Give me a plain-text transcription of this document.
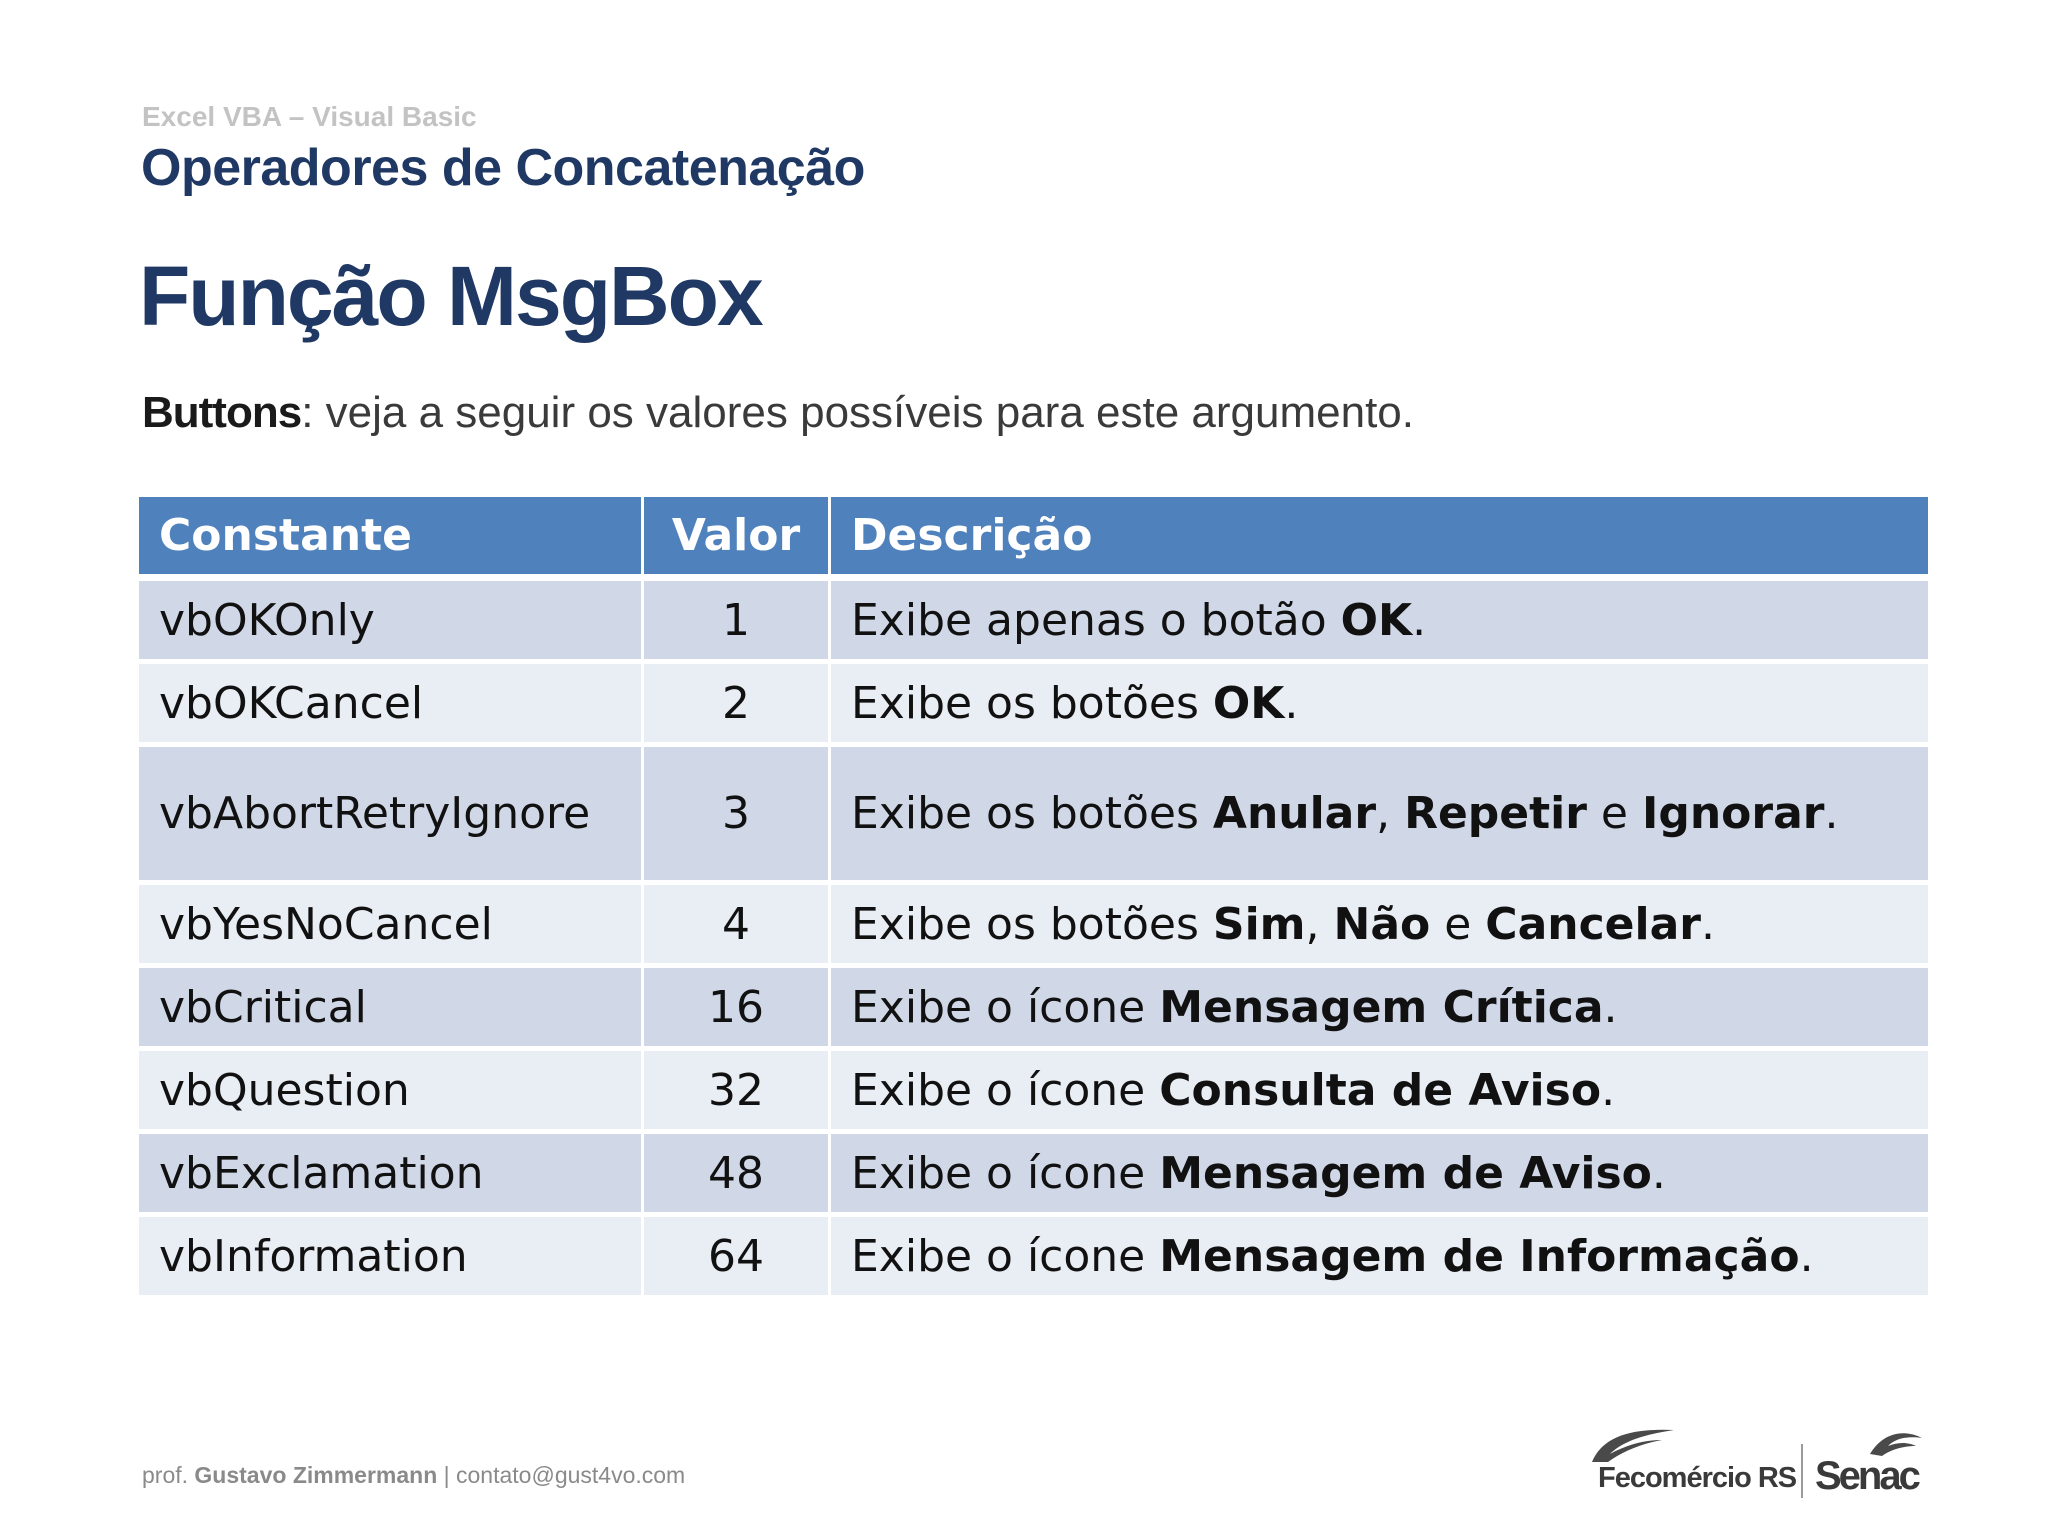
Excel VBA – Visual Basic
Operadores de Concatenação
Função MsgBox
Buttons: veja a seguir os valores possíveis para este argumento.
Constante	Valor	Descrição
vbOKOnly	1	Exibe apenas o botão OK.
vbOKCancel	2	Exibe os botões OK.
vbAbortRetryIgnore	3	Exibe os botões Anular, Repetir e Ignorar.
vbYesNoCancel	4	Exibe os botões Sim, Não e Cancelar.
vbCritical	16	Exibe o ícone Mensagem Crítica.
vbQuestion	32	Exibe o ícone Consulta de Aviso.
vbExclamation	48	Exibe o ícone Mensagem de Aviso.
vbInformation	64	Exibe o ícone Mensagem de Informação.
prof. Gustavo Zimmermann | contato@gust4vo.com	Fecomércio RS Senac
